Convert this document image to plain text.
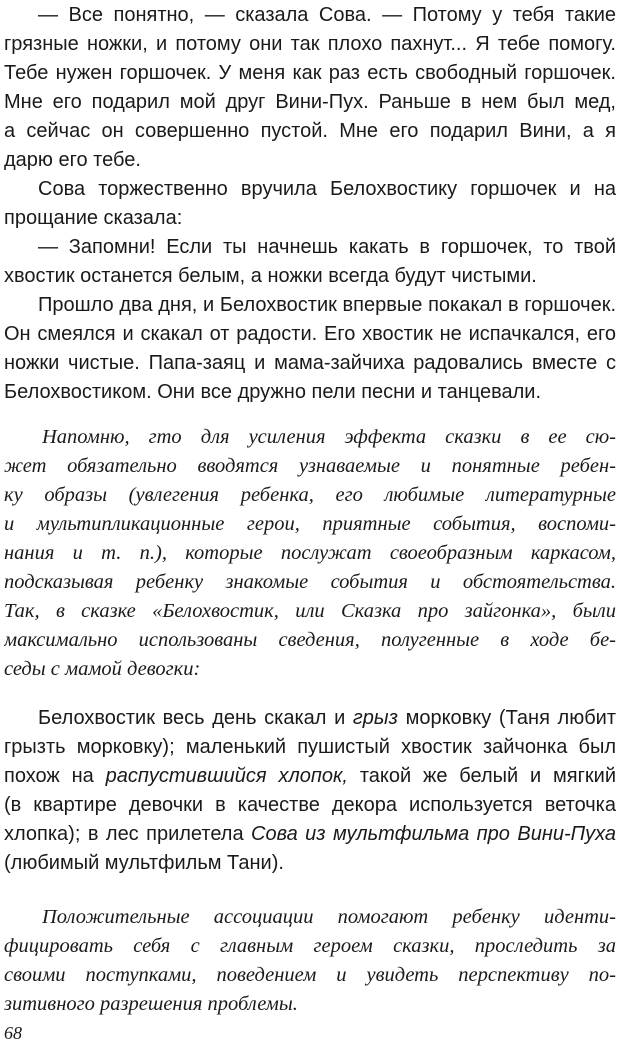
— Все понятно, — сказала Сова. — Потому у тебя такие
грязные ножки, и потому они так плохо пахнут... Я тебе помогу.
Тебе нужен горшочек. У меня как раз есть свободный горшочек.
Мне его подарил мой друг Вини-Пух. Раньше в нем был мед,
а сейчас он совершенно пустой. Мне его подарил Вини, а я
дарю его тебе.
Сова торжественно вручила Белохвостику горшочек и на
прощание сказала:
— Запомни! Если ты начнешь какать в горшочек, то твой
хвостик останется белым, а ножки всегда будут чистыми.
Прошло два дня, и Белохвостик впервые покакал в горшочек.
Он смеялся и скакал от радости. Его хвостик не испачкался, его
ножки чистые. Папа-заяц и мама-зайчиха радовались вместе с
Белохвостиком. Они все дружно пели песни и танцевали.
Напомню, гто для усиления эффекта сказки в ее сю-
жет обязательно вводятся узнаваемые и понятные ребен-
ку образы (увлегения ребенка, его любимые литературные
и мультипликационные герои, приятные события, воспоми-
нания и т. п.), которые послужат своеобразным каркасом,
подсказывая ребенку знакомые события и обстоятельства.
Так, в сказке «Белохвостик, или Сказка про зайгонка», были
максимально использованы сведения, полугенные в ходе бе-
седы с мамой девогки:
Белохвостик весь день скакал и грыз морковку (Таня любит
грызть морковку); маленький пушистый хвостик зайчонка был
похож на распустившийся хлопок, такой же белый и мягкий
(в квартире девочки в качестве декора используется веточка
хлопка); в лес прилетела Сова из мультфильма про Вини-Пуха
(любимый мультфильм Тани).
Положительные ассоциации помогают ребенку иденти-
фицировать себя с главным героем сказки, проследить за
своими поступками, поведением и увидеть перспективу по-
зитивного разрешения проблемы.
68
